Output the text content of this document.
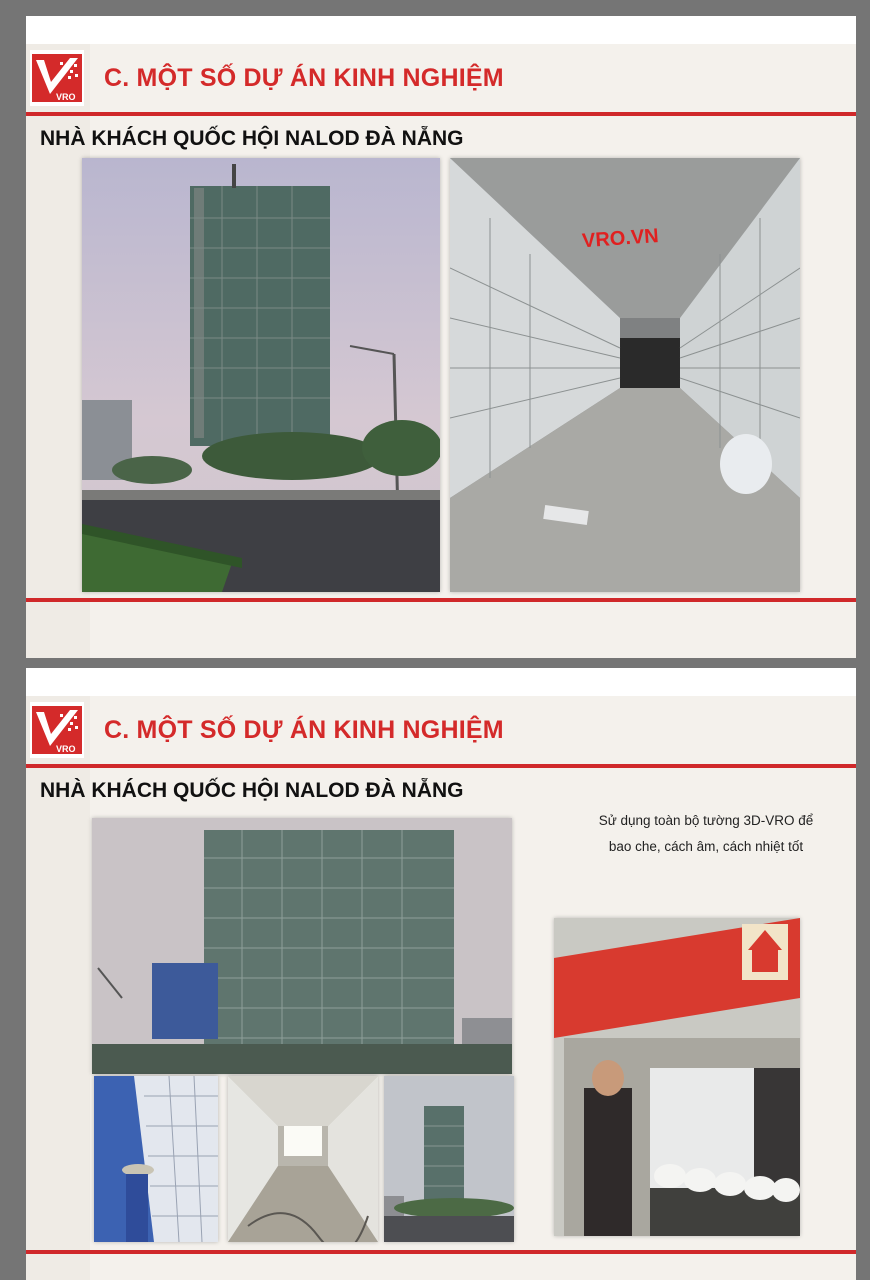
VRO
C. MỘT SỐ DỰ ÁN KINH NGHIỆM
NHÀ KHÁCH QUỐC HỘI NALOD ĐÀ NẴNG
VRO.VN
VRO
C. MỘT SỐ DỰ ÁN KINH NGHIỆM
NHÀ KHÁCH QUỐC HỘI NALOD ĐÀ NẴNG
Sử dụng toàn bộ tường 3D-VRO để
bao che, cách âm, cách nhiệt tốt
